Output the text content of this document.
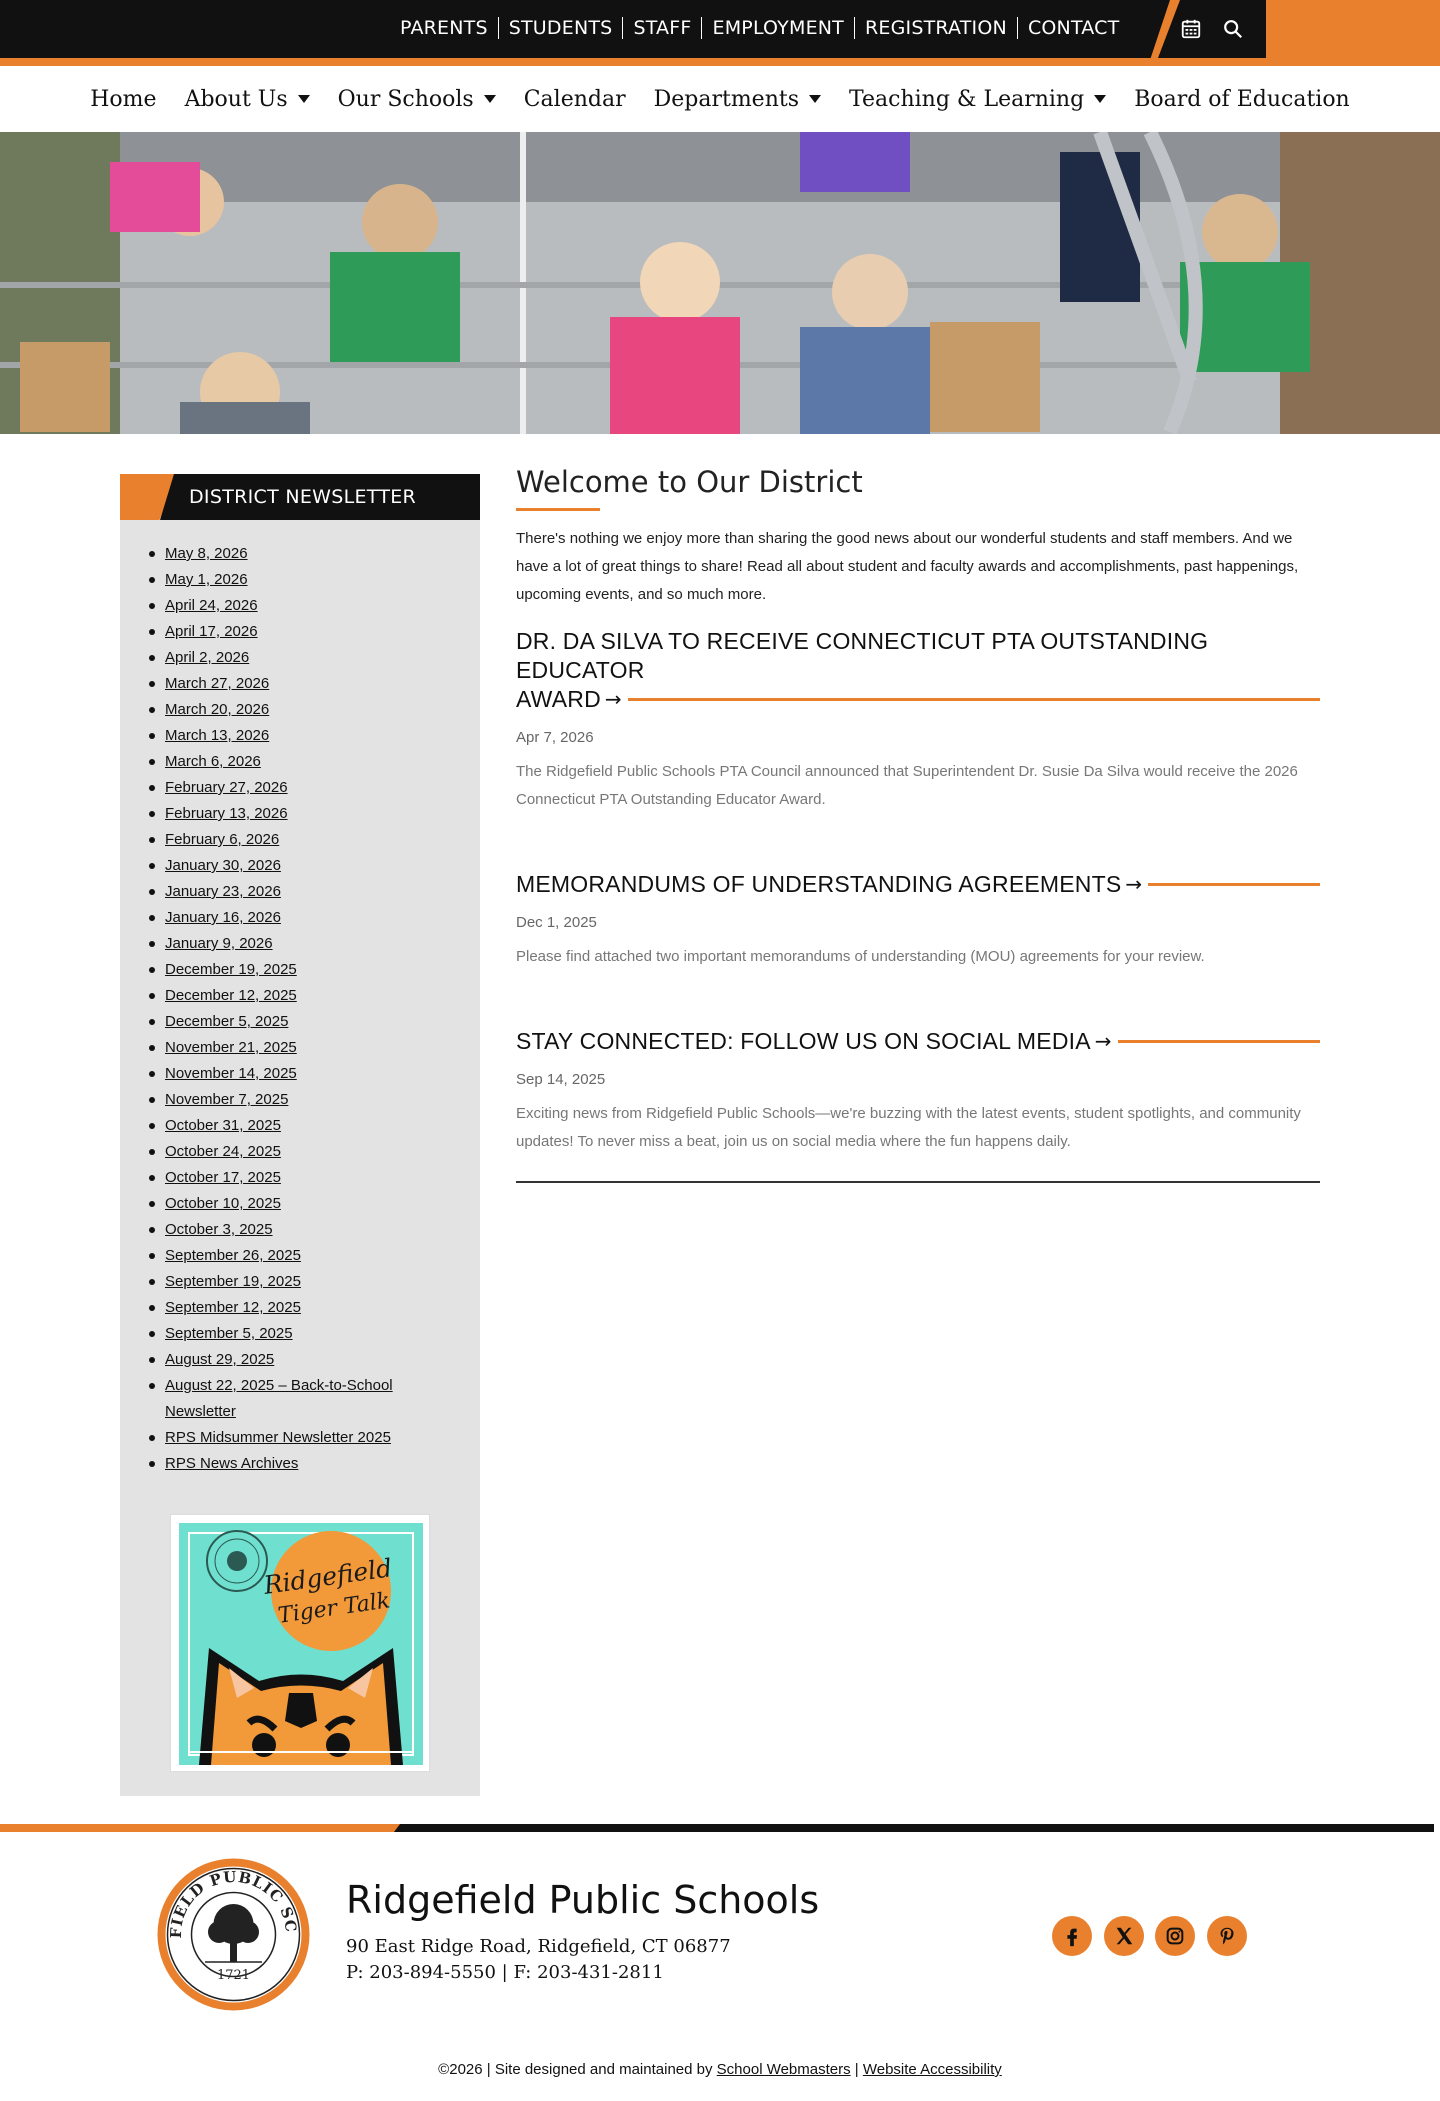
PARENTS	STUDENTS	STAFF	EMPLOYMENT	REGISTRATION	CONTACT
Home About Us Our Schools Calendar Departments Teaching & Learning Board of Education
DISTRICT NEWSLETTER
May 8, 2026
May 1, 2026
April 24, 2026
April 17, 2026
April 2, 2026
March 27, 2026
March 20, 2026
March 13, 2026
March 6, 2026
February 27, 2026
February 13, 2026
February 6, 2026
January 30, 2026
January 23, 2026
January 16, 2026
January 9, 2026
December 19, 2025
December 12, 2025
December 5, 2025
November 21, 2025
November 14, 2025
November 7, 2025
October 31, 2025
October 24, 2025
October 17, 2025
October 10, 2025
October 3, 2025
September 26, 2025
September 19, 2025
September 12, 2025
September 5, 2025
August 29, 2025
August 22, 2025 – Back-to-School Newsletter
RPS Midsummer Newsletter 2025
RPS News Archives
Ridgefield
Tiger Talk
Welcome to Our District

There's nothing we enjoy more than sharing the good news about our wonderful students and staff members. And we have a lot of great things to share! Read all about student and faculty awards and accomplishments, past happenings, upcoming events, and so much more.

DR. DA SILVA TO RECEIVE CONNECTICUT PTA OUTSTANDING EDUCATOR
AWARD →
Apr 7, 2026

The Ridgefield Public Schools PTA Council announced that Superintendent Dr. Susie Da Silva would receive the 2026 Connecticut PTA Outstanding Educator Award.

MEMORANDUMS OF UNDERSTANDING AGREEMENTS →
Dec 1, 2025

Please find attached two important memorandums of understanding (MOU) agreements for your review.

STAY CONNECTED: FOLLOW US ON SOCIAL MEDIA →
Sep 14, 2025

Exciting news from Ridgefield Public Schools—we're buzzing with the latest events, student spotlights, and community updates! To never miss a beat, join us on social media where the fun happens daily.

FIELD PUBLIC SC
1721
Ridgefield Public Schools
90 East Ridge Road, Ridgefield, CT 06877
P: 203-894-5550 | F: 203-431-2811
©2026 | Site designed and maintained by School Webmasters | Website Accessibility
